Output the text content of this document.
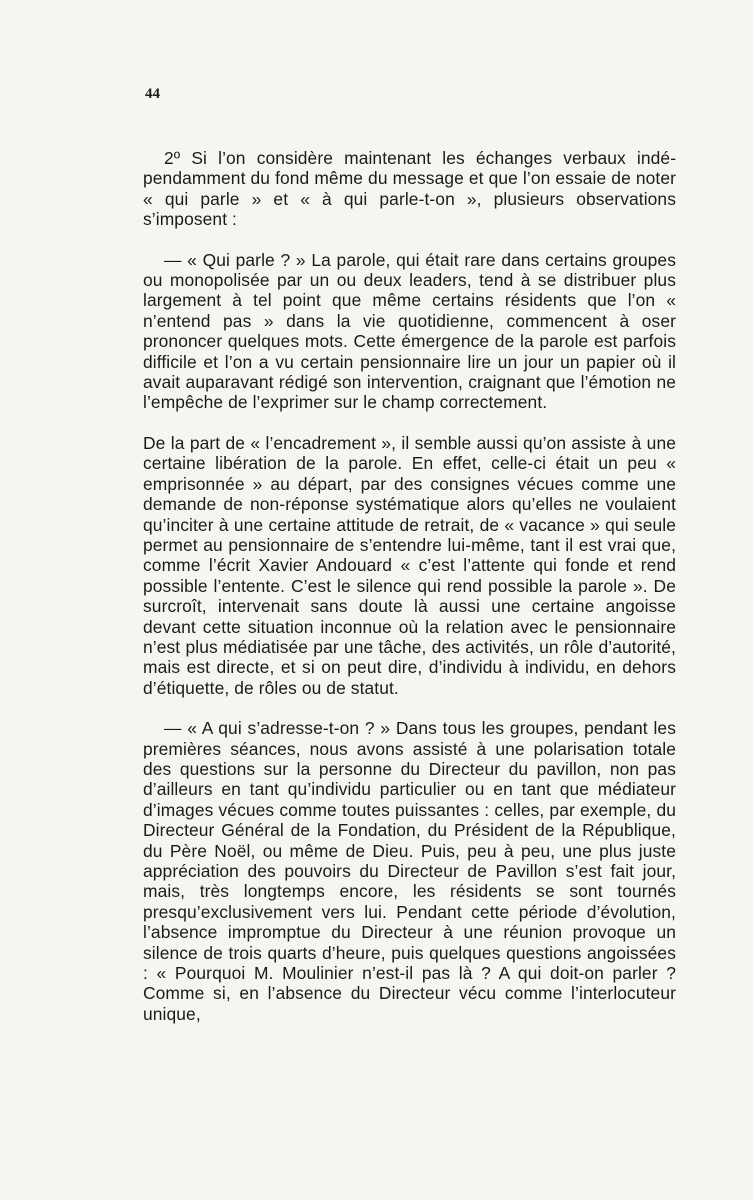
44

2º Si l’on considère maintenant les échanges verbaux indépendamment du fond même du message et que l’on essaie de noter « qui parle » et « à qui parle-t-on », plusieurs observations s’imposent :

— « Qui parle ? » La parole, qui était rare dans certains groupes ou monopolisée par un ou deux leaders, tend à se distribuer plus largement à tel point que même certains résidents que l’on « n’entend pas » dans la vie quotidienne, commencent à oser prononcer quelques mots. Cette émergence de la parole est parfois difficile et l’on a vu certain pensionnaire lire un jour un papier où il avait auparavant rédigé son intervention, craignant que l’émotion ne l’empêche de l’exprimer sur le champ correctement.

De la part de « l’encadrement », il semble aussi qu’on assiste à une certaine libération de la parole. En effet, celle-ci était un peu « emprisonnée » au départ, par des consignes vécues comme une demande de non-réponse systématique alors qu’elles ne voulaient qu’inciter à une certaine attitude de retrait, de « vacance » qui seule permet au pensionnaire de s’entendre lui-même, tant il est vrai que, comme l’écrit Xavier Andouard « c’est l’attente qui fonde et rend possible l’entente. C’est le silence qui rend possible la parole ». De surcroît, intervenait sans doute là aussi une certaine angoisse devant cette situation inconnue où la relation avec le pensionnaire n’est plus médiatisée par une tâche, des activités, un rôle d’autorité, mais est directe, et si on peut dire, d’individu à individu, en dehors d’étiquette, de rôles ou de statut.

— « A qui s’adresse-t-on ? » Dans tous les groupes, pendant les premières séances, nous avons assisté à une polarisation totale des questions sur la personne du Directeur du pavillon, non pas d’ailleurs en tant qu’individu particulier ou en tant que médiateur d’images vécues comme toutes puissantes : celles, par exemple, du Directeur Général de la Fondation, du Président de la République, du Père Noël, ou même de Dieu. Puis, peu à peu, une plus juste appréciation des pouvoirs du Directeur de Pavillon s’est fait jour, mais, très longtemps encore, les résidents se sont tournés presqu’exclusivement vers lui. Pendant cette période d’évolution, l’absence impromptue du Directeur à une réunion provoque un silence de trois quarts d’heure, puis quelques questions angoissées : « Pourquoi M. Moulinier n’est-il pas là ? A qui doit-on parler ? Comme si, en l’absence du Directeur vécu comme l’interlocuteur unique,
